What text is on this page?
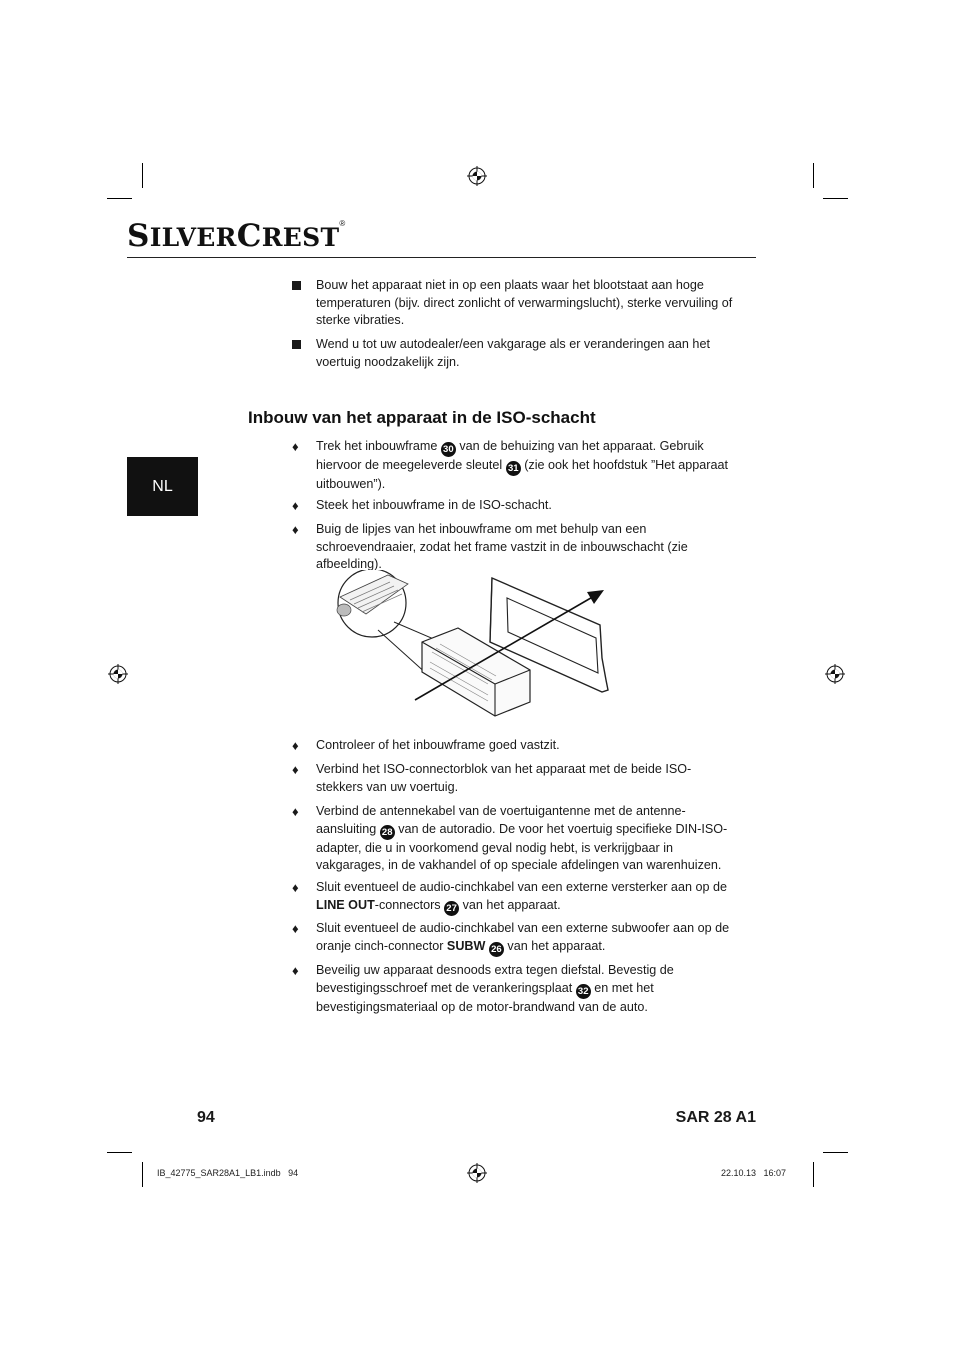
SILVERCREST®
NL
Bouw het apparaat niet in op een plaats waar het blootstaat aan hoge temperaturen (bijv. direct zonlicht of verwarmingslucht), sterke vervuiling of sterke vibraties.
Wend u tot uw autodealer/een vakgarage als er veranderingen aan het voertuig noodzakelijk zijn.
Inbouw van het apparaat in de ISO-schacht
♦	Trek het inbouwframe 30 van de behuizing van het apparaat. Gebruik hiervoor de meegeleverde sleutel 31 (zie ook het hoofdstuk ”Het apparaat uitbouwen”).
♦	Steek het inbouwframe in de ISO-schacht.
♦	Buig de lipjes van het inbouwframe om met behulp van een schroevendraaier, zodat het frame vastzit in de inbouwschacht (zie afbeelding).
♦	Controleer of het inbouwframe goed vastzit.
♦	Verbind het ISO-connectorblok van het apparaat met de beide ISO-stekkers van uw voertuig.
♦	Verbind de antennekabel van de voertuigantenne met de antenne-aansluiting 28 van de autoradio. De voor het voertuig specifieke DIN-ISO-adapter, die u in voorkomend geval nodig hebt, is verkrijgbaar in vakgarages, in de vakhandel of op speciale afdelingen van warenhuizen.
♦	Sluit eventueel de audio-cinchkabel van een externe versterker aan op de LINE OUT-connectors 27 van het apparaat.
♦	Sluit eventueel de audio-cinchkabel van een externe subwoofer aan op de oranje cinch-connector SUBW 26 van het apparaat.
♦	Beveilig uw apparaat desnoods extra tegen diefstal. Bevestig de bevestigingsschroef met de verankeringsplaat 32 en met het bevestigingsmateriaal op de motor-brandwand van de auto.
94	SAR 28 A1
IB_42775_SAR28A1_LB1.indb   94	22.10.13   16:07
